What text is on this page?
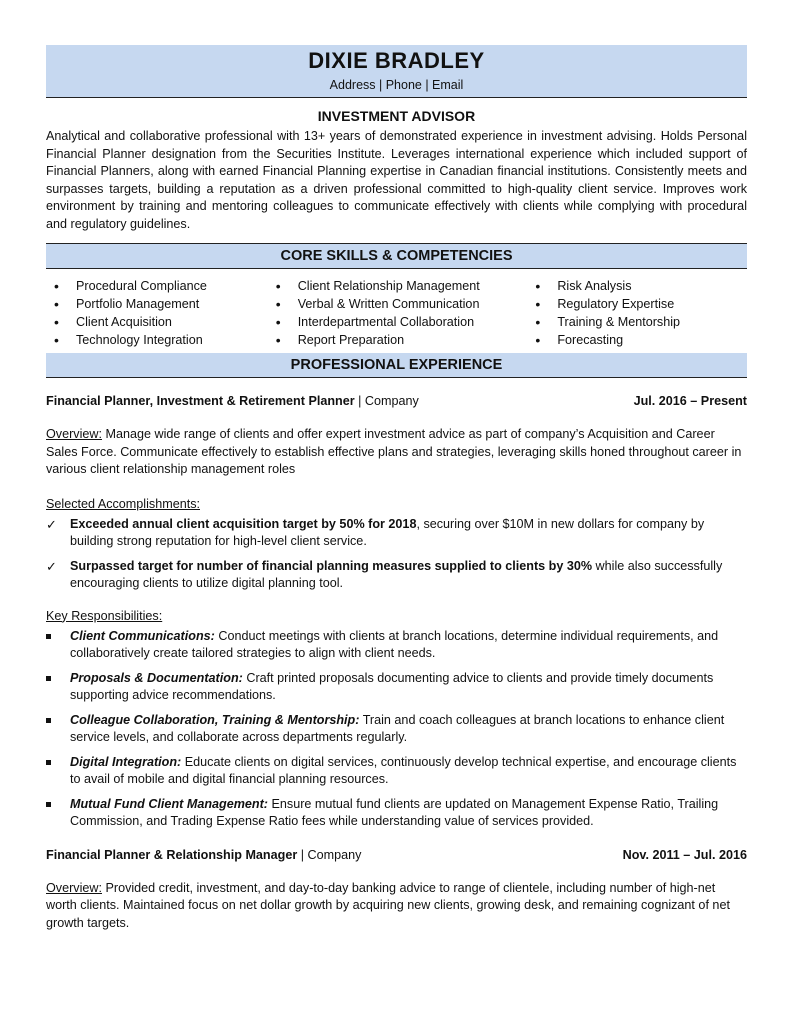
DIXIE BRADLEY
Address | Phone | Email
INVESTMENT ADVISOR
Analytical and collaborative professional with 13+ years of demonstrated experience in investment advising. Holds Personal Financial Planner designation from the Securities Institute. Leverages international experience which included support of Financial Planners, along with earned Financial Planning expertise in Canadian financial institutions. Consistently meets and surpasses targets, building a reputation as a driven professional committed to high-quality client service. Improves work environment by training and mentoring colleagues to communicate effectively with clients while complying with procedural and regulatory guidelines.
CORE SKILLS & COMPETENCIES
• Procedural Compliance
• Portfolio Management
• Client Acquisition
• Technology Integration
• Client Relationship Management
• Verbal & Written Communication
• Interdepartmental Collaboration
• Report Preparation
• Risk Analysis
• Regulatory Expertise
• Training & Mentorship
• Forecasting
PROFESSIONAL EXPERIENCE
Financial Planner, Investment & Retirement Planner | Company	Jul. 2016 – Present
Overview: Manage wide range of clients and offer expert investment advice as part of company’s Acquisition and Career Sales Force. Communicate effectively to establish effective plans and strategies, leveraging skills honed throughout career in various client relationship management roles
Selected Accomplishments:
✓ Exceeded annual client acquisition target by 50% for 2018, securing over $10M in new dollars for company by building strong reputation for high-level client service.
✓ Surpassed target for number of financial planning measures supplied to clients by 30% while also successfully encouraging clients to utilize digital planning tool.
Key Responsibilities:
Client Communications: Conduct meetings with clients at branch locations, determine individual requirements, and collaboratively create tailored strategies to align with client needs.
Proposals & Documentation: Craft printed proposals documenting advice to clients and provide timely documents supporting advice recommendations.
Colleague Collaboration, Training & Mentorship: Train and coach colleagues at branch locations to enhance client service levels, and collaborate across departments regularly.
Digital Integration: Educate clients on digital services, continuously develop technical expertise, and encourage clients to avail of mobile and digital financial planning resources.
Mutual Fund Client Management: Ensure mutual fund clients are updated on Management Expense Ratio, Trailing Commission, and Trading Expense Ratio fees while understanding value of services provided.
Financial Planner & Relationship Manager | Company	Nov. 2011 – Jul. 2016
Overview: Provided credit, investment, and day-to-day banking advice to range of clientele, including number of high-net worth clients. Maintained focus on net dollar growth by acquiring new clients, growing desk, and remaining cognizant of net growth targets.
